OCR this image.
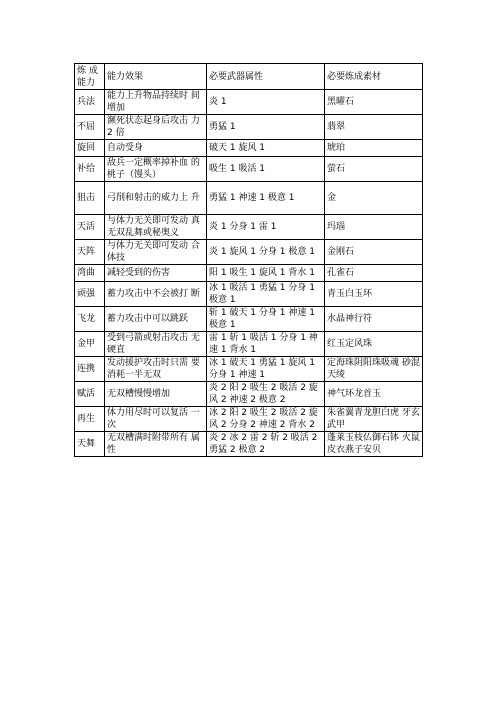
炼 成
能力	能力效果	必要武器属性	必要炼成素材
兵法	能力上升物品持续时 间增加	炎 1	黑曜石
不屈	濒死状态起身后攻击 力 2 倍	勇猛 1	翡翠
旋回	自动受身	破天 1 旋风 1	琥珀
补给	敌兵一定概率掉补血 的桃子（馒头）	吸生 1 吸活 1	萤石
狙击	弓削和射击的威力上 升	勇猛 1 神速 1 极意 1	金
天活	与体力无关即可发动 真无双乱舞或秘奥义	炎 1 分身 1 雷 1	玛瑙
天阵	与体力无关即可发动 合体技	炎 1 旋风 1 分身 1 极意 1	金刚石
湾曲	减轻受到的伤害	阳 1 吸生 1 旋风 1 背水 1	孔雀石
顽强	蓄力攻击中不会被打 断	冰 1 吸活 1 勇猛 1 分身 1 极意 1	青玉白玉环
飞龙	蓄力攻击中可以跳跃	斩 1 破天 1 分身 1 神速 1 极意 1	水晶神行符
金甲	受到弓箭或射击攻击 无硬直	雷 1 斩 1 吸活 1 分身 1 神速 1 背水 1	红玉定风珠
连携	发动援护攻击时只需 要消耗一半无双	冰 1 破天 1 勇猛 1 旋风 1 分身 1 神速 1	定海珠阴阳珠吸魂 砂混天绫
赋活	无双槽慢慢增加	炎 2 阳 2 吸生 2 吸活 2 旋风 2 神速 2 极意 2	神气环龙首玉
再生	体力用尽时可以复活 一次	冰 2 阳 2 吸生 2 吸活 2 旋风 2 分身 2 神速 2 背水 2	朱雀翼青龙胆白虎 牙玄武甲
天舞	无双槽满时附带所有 属性	炎 2 冰 2 雷 2 斩 2 吸活 2 勇猛 2 极意 2	蓬莱玉枝仏御石钵 火鼠皮衣燕子安贝
